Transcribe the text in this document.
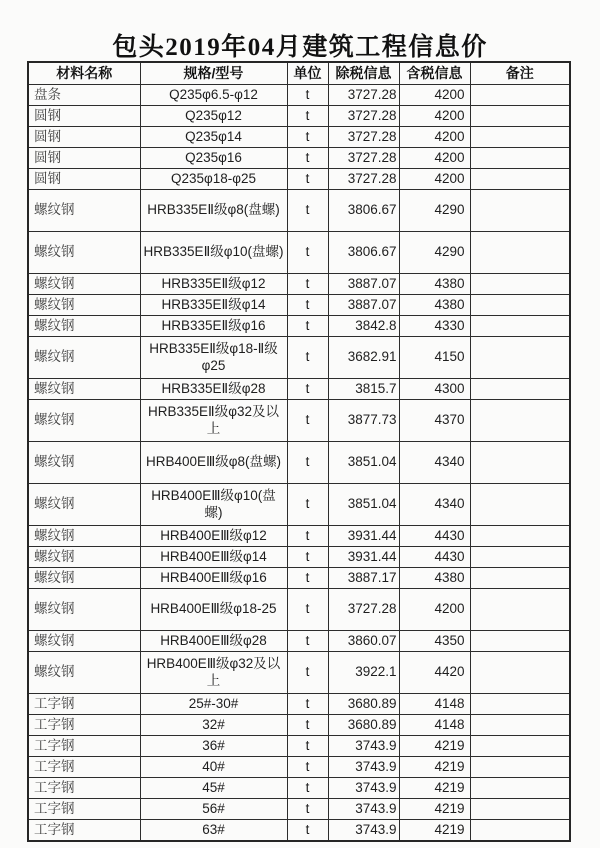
包头2019年04月建筑工程信息价
材料名称	规格/型号	单位	除税信息	含税信息	备注
盘条	Q235φ6.5-φ12	t	3727.28	4200	
圆钢	Q235φ12	t	3727.28	4200	
圆钢	Q235φ14	t	3727.28	4200	
圆钢	Q235φ16	t	3727.28	4200	
圆钢	Q235φ18-φ25	t	3727.28	4200	
螺纹钢	HRB335EⅡ级φ8(盘螺)	t	3806.67	4290	
螺纹钢	HRB335EⅡ级φ10(盘螺)	t	3806.67	4290	
螺纹钢	HRB335EⅡ级φ12	t	3887.07	4380	
螺纹钢	HRB335EⅡ级φ14	t	3887.07	4380	
螺纹钢	HRB335EⅡ级φ16	t	3842.8	4330	
螺纹钢	HRB335EⅡ级φ18-Ⅱ级φ25	t	3682.91	4150	
螺纹钢	HRB335EⅡ级φ28	t	3815.7	4300	
螺纹钢	HRB335EⅡ级φ32及以上	t	3877.73	4370	
螺纹钢	HRB400EⅢ级φ8(盘螺)	t	3851.04	4340	
螺纹钢	HRB400EⅢ级φ10(盘螺)	t	3851.04	4340	
螺纹钢	HRB400EⅢ级φ12	t	3931.44	4430	
螺纹钢	HRB400EⅢ级φ14	t	3931.44	4430	
螺纹钢	HRB400EⅢ级φ16	t	3887.17	4380	
螺纹钢	HRB400EⅢ级φ18-25	t	3727.28	4200	
螺纹钢	HRB400EⅢ级φ28	t	3860.07	4350	
螺纹钢	HRB400EⅢ级φ32及以上	t	3922.1	4420	
工字钢	25#-30#	t	3680.89	4148	
工字钢	32#	t	3680.89	4148	
工字钢	36#	t	3743.9	4219	
工字钢	40#	t	3743.9	4219	
工字钢	45#	t	3743.9	4219	
工字钢	56#	t	3743.9	4219	
工字钢	63#	t	3743.9	4219	
